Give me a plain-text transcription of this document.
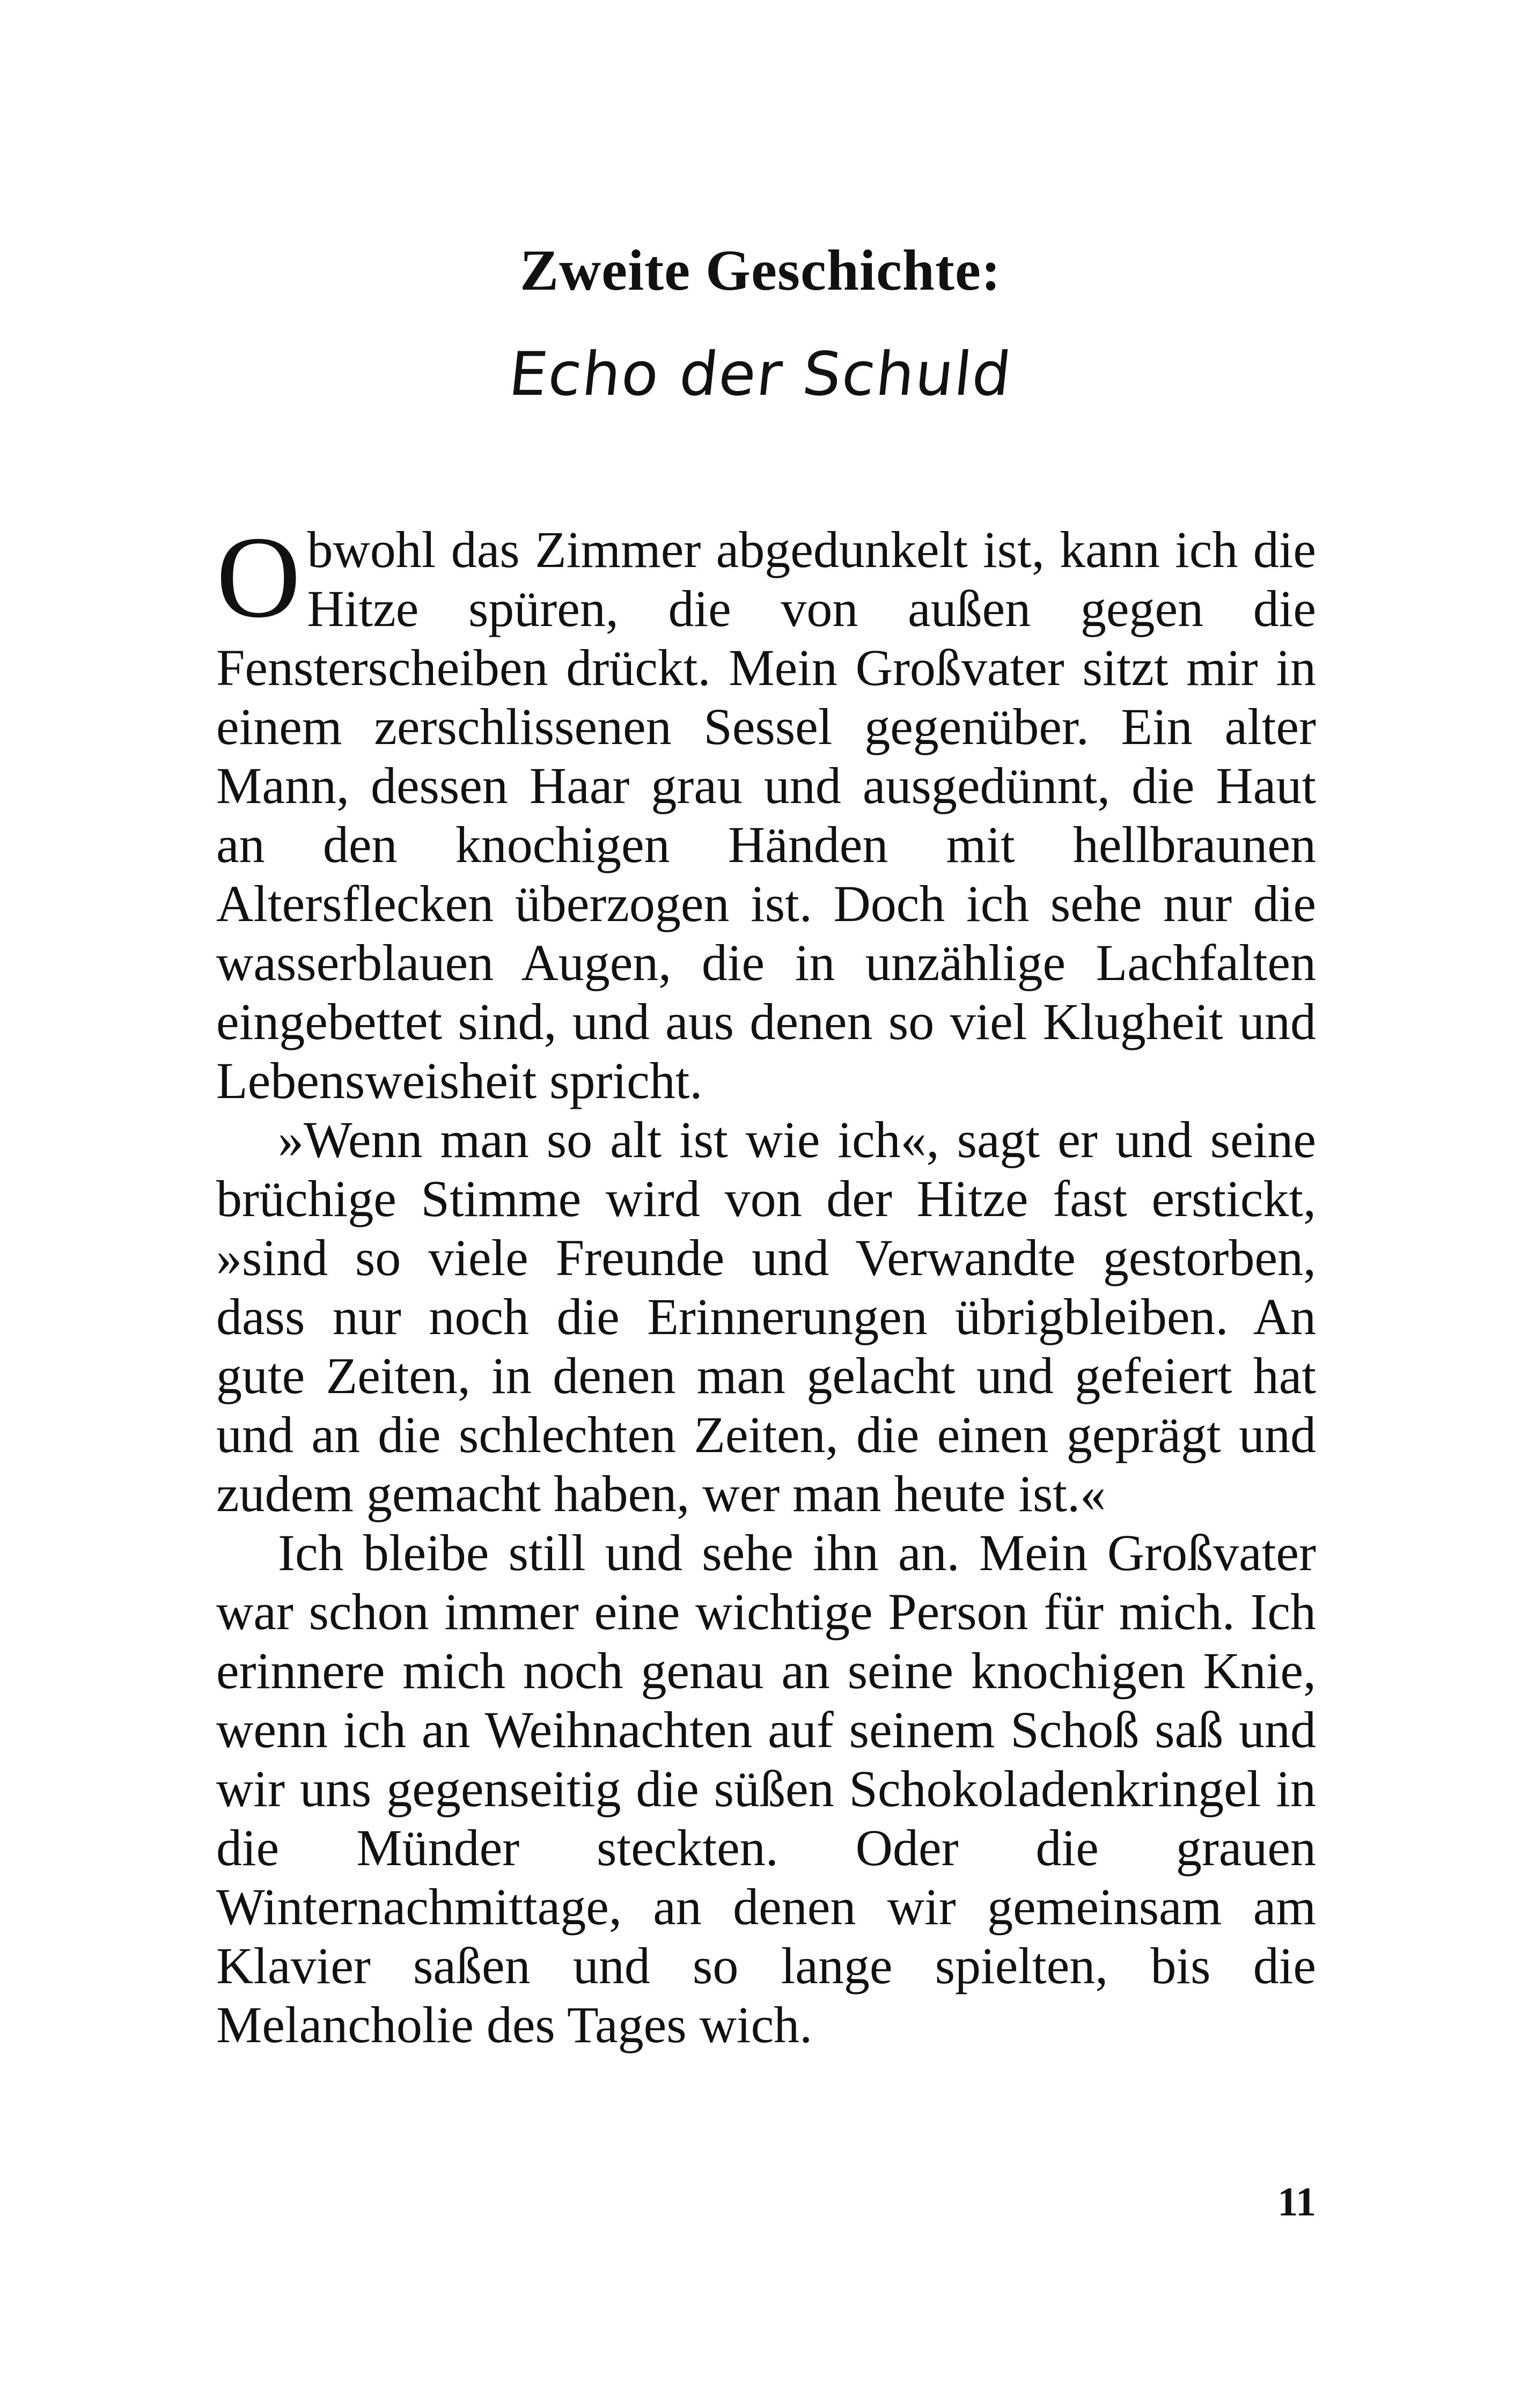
Zweite Geschichte:
Echo der Schuld

Obwohl das Zimmer abgedunkelt ist, kann ich die Hitze spüren, die von außen gegen die Fensterscheiben drückt. Mein Großvater sitzt mir in einem zerschlissenen Sessel gegenüber. Ein alter Mann, dessen Haar grau und ausgedünnt, die Haut an den knochigen Händen mit hellbraunen Altersflecken überzogen ist. Doch ich sehe nur die wasserblauen Augen, die in unzählige Lachfalten eingebettet sind, und aus denen so viel Klugheit und Lebensweisheit spricht.

»Wenn man so alt ist wie ich«, sagt er und seine brüchige Stimme wird von der Hitze fast erstickt, »sind so viele Freunde und Verwandte gestorben, dass nur noch die Erinnerungen übrigbleiben. An gute Zeiten, in denen man gelacht und gefeiert hat und an die schlechten Zeiten, die einen geprägt und zudem gemacht haben, wer man heute ist.«

Ich bleibe still und sehe ihn an. Mein Großvater war schon immer eine wichtige Person für mich. Ich erinnere mich noch genau an seine knochigen Knie, wenn ich an Weihnachten auf seinem Schoß saß und wir uns gegenseitig die süßen Schokoladenkringel in die Münder steckten. Oder die grauen Winternachmittage, an denen wir gemeinsam am Klavier saßen und so lange spielten, bis die Melancholie des Tages wich.

11
